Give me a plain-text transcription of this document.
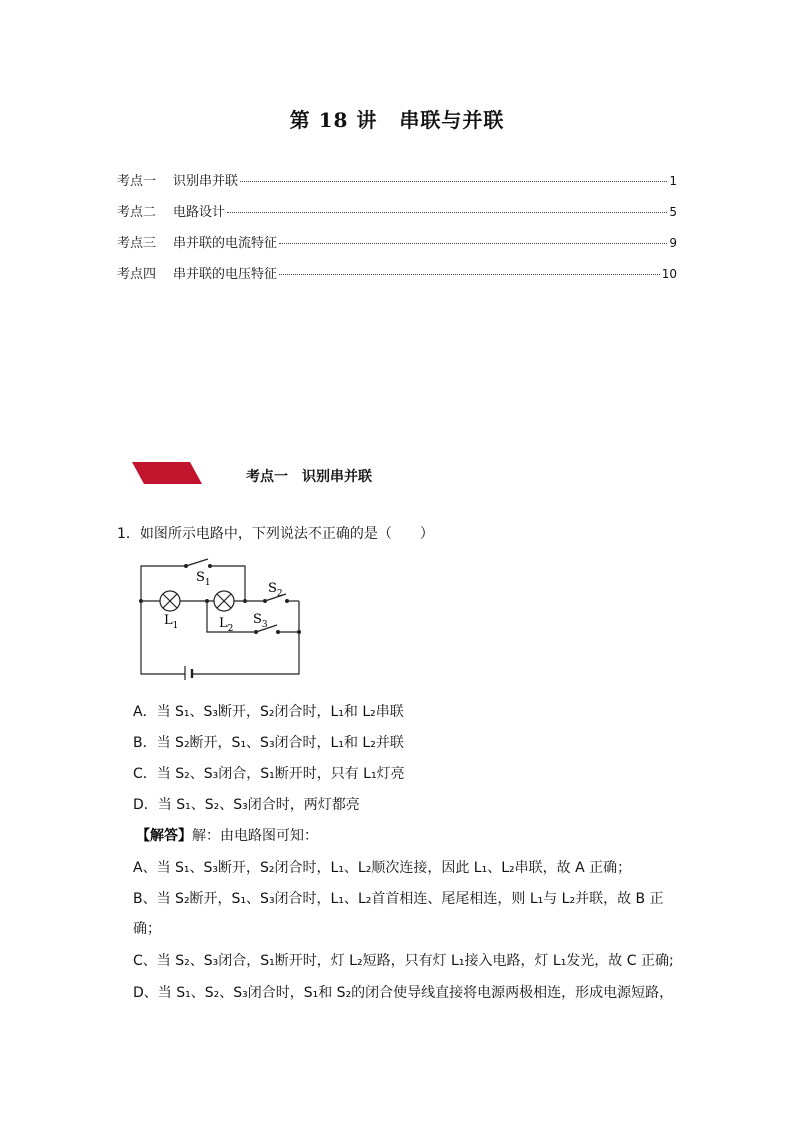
第 18 讲 串联与并联
考点一	识别串并联	1
考点二	电路设计	5
考点三	串并联的电流特征	9
考点四	串并联的电压特征	10
考点一 识别串并联
1．如图所示电路中，下列说法不正确的是（　　）
$S_1$	$S_2$
$S_3$
$L_1$	$L_2$
A．当 S₁、S₃断开，S₂闭合时，L₁和 L₂串联
B．当 S₂断开，S₁、S₃闭合时，L₁和 L₂并联
C．当 S₂、S₃闭合，S₁断开时，只有 L₁灯亮
D．当 S₁、S₂、S₃闭合时，两灯都亮
【解答】解：由电路图可知：
A、当 S₁、S₃断开，S₂闭合时，L₁、L₂顺次连接，因此 L₁、L₂串联，故 A 正确；
B、当 S₂断开，S₁、S₃闭合时，L₁、L₂首首相连、尾尾相连，则 L₁与 L₂并联，故 B 正
确；
C、当 S₂、S₃闭合，S₁断开时，灯 L₂短路，只有灯 L₁接入电路，灯 L₁发光，故 C 正确;
D、当 S₁、S₂、S₃闭合时，S₁和 S₂的闭合使导线直接将电源两极相连，形成电源短路，
